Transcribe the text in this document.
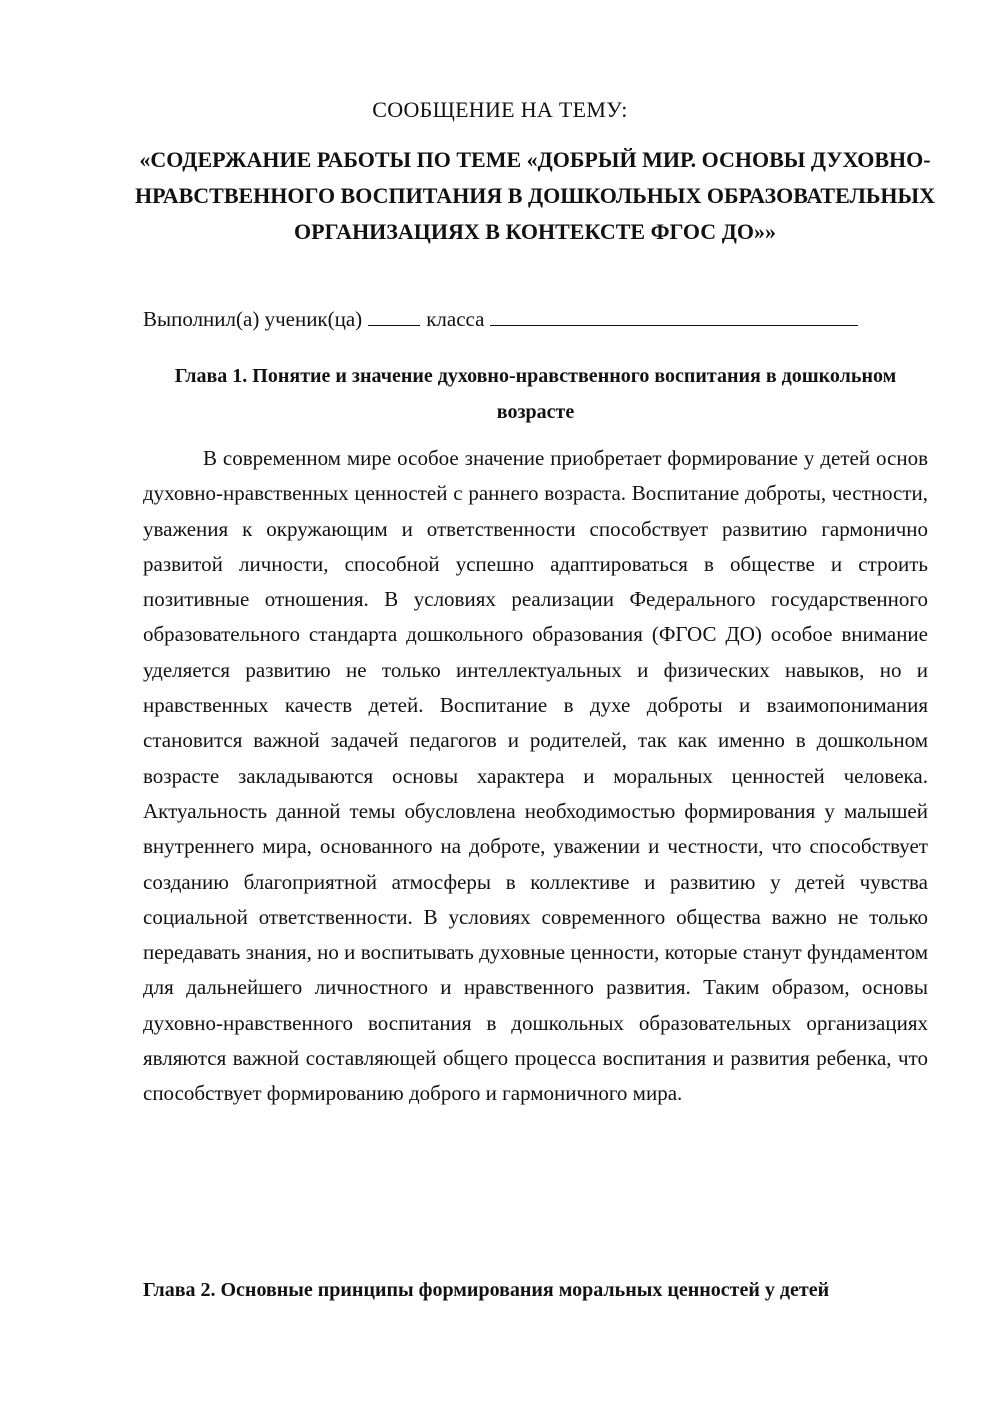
СООБЩЕНИЕ НА ТЕМУ:
«СОДЕРЖАНИЕ РАБОТЫ ПО ТЕМЕ «ДОБРЫЙ МИР. ОСНОВЫ ДУХОВНО-НРАВСТВЕННОГО ВОСПИТАНИЯ В ДОШКОЛЬНЫХ ОБРАЗОВАТЕЛЬНЫХ ОРГАНИЗАЦИЯХ В КОНТЕКСТЕ ФГОС ДО»»
Выполнил(а) ученик(ца)	класса
Глава 1. Понятие и значение духовно-нравственного воспитания в дошкольном возрасте
В современном мире особое значение приобретает формирование у детей основ духовно-нравственных ценностей с раннего возраста. Воспитание доброты, честности, уважения к окружающим и ответственности способствует развитию гармонично развитой личности, способной успешно адаптироваться в обществе и строить позитивные отношения. В условиях реализации Федерального государственного образовательного стандарта дошкольного образования (ФГОС ДО) особое внимание уделяется развитию не только интеллектуальных и физических навыков, но и нравственных качеств детей. Воспитание в духе доброты и взаимопонимания становится важной задачей педагогов и родителей, так как именно в дошкольном возрасте закладываются основы характера и моральных ценностей человека. Актуальность данной темы обусловлена необходимостью формирования у малышей внутреннего мира, основанного на доброте, уважении и честности, что способствует созданию благоприятной атмосферы в коллективе и развитию у детей чувства социальной ответственности. В условиях современного общества важно не только передавать знания, но и воспитывать духовные ценности, которые станут фундаментом для дальнейшего личностного и нравственного развития. Таким образом, основы духовно-нравственного воспитания в дошкольных образовательных организациях являются важной составляющей общего процесса воспитания и развития ребенка, что способствует формированию доброго и гармоничного мира.
Глава 2. Основные принципы формирования моральных ценностей у детей
